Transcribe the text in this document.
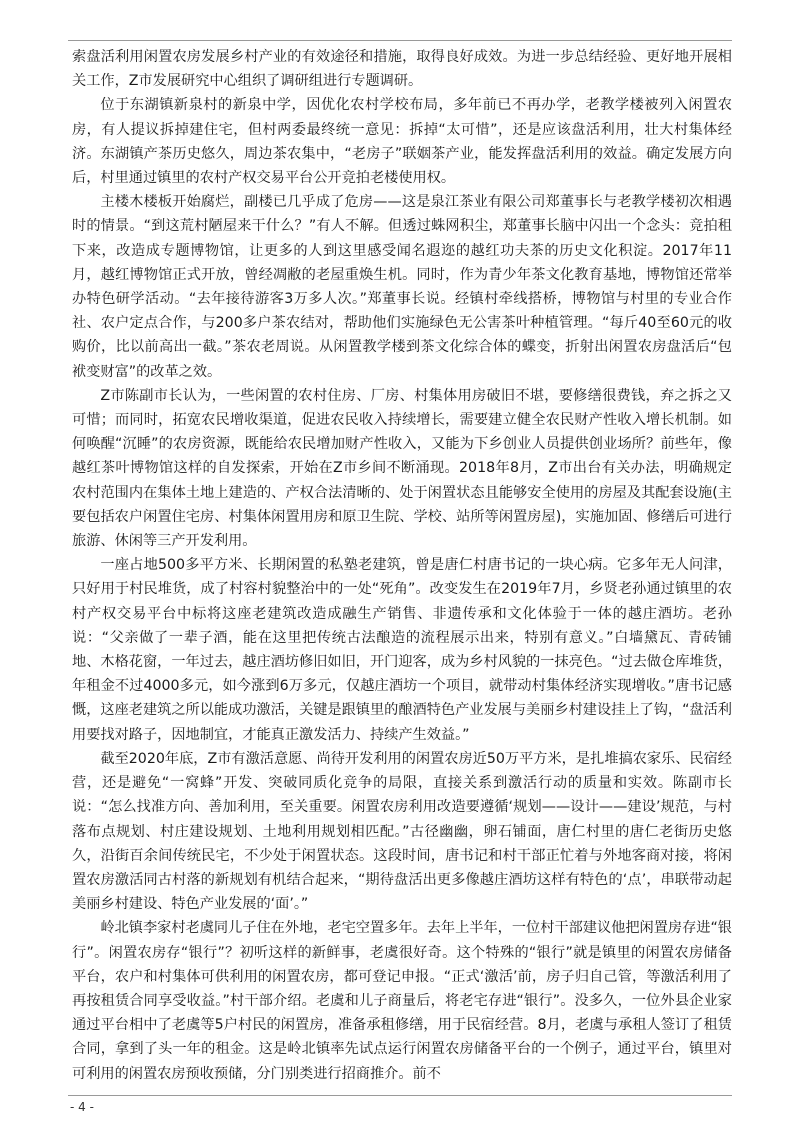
索盘活利用闲置农房发展乡村产业的有效途径和措施，取得良好成效。为进一步总结经验、更好地开展相关工作，Z市发展研究中心组织了调研组进行专题调研。

位于东湖镇新泉村的新泉中学，因优化农村学校布局，多年前已不再办学，老教学楼被列入闲置农房，有人提议拆掉建住宅，但村两委最终统一意见：拆掉“太可惜”，还是应该盘活利用，壮大村集体经济。东湖镇产茶历史悠久，周边茶农集中，“老房子”联姻茶产业，能发挥盘活利用的效益。确定发展方向后，村里通过镇里的农村产权交易平台公开竞拍老楼使用权。

主楼木楼板开始腐烂，副楼已几乎成了危房——这是泉江茶业有限公司郑董事长与老教学楼初次相遇时的情景。“到这荒村陋屋来干什么？”有人不解。但透过蛛网积尘，郑董事长脑中闪出一个念头：竞拍租下来，改造成专题博物馆，让更多的人到这里感受闻名遐迩的越红功夫茶的历史文化积淀。2017年11月，越红博物馆正式开放，曾经凋敝的老屋重焕生机。同时，作为青少年茶文化教育基地，博物馆还常举办特色研学活动。“去年接待游客3万多人次。”郑董事长说。经镇村牵线搭桥，博物馆与村里的专业合作社、农户定点合作，与200多户茶农结对，帮助他们实施绿色无公害茶叶种植管理。“每斤40至60元的收购价，比以前高出一截。”茶农老周说。从闲置教学楼到茶文化综合体的蝶变，折射出闲置农房盘活后“包袱变财富”的改革之效。

Z市陈副市长认为，一些闲置的农村住房、厂房、村集体用房破旧不堪，要修缮很费钱，弃之拆之又可惜；而同时，拓宽农民增收渠道，促进农民收入持续增长，需要建立健全农民财产性收入增长机制。如何唤醒“沉睡”的农房资源，既能给农民增加财产性收入，又能为下乡创业人员提供创业场所？前些年，像越红茶叶博物馆这样的自发探索，开始在Z市乡间不断涌现。2018年8月，Z市出台有关办法，明确规定农村范围内在集体土地上建造的、产权合法清晰的、处于闲置状态且能够安全使用的房屋及其配套设施(主要包括农户闲置住宅房、村集体闲置用房和原卫生院、学校、站所等闲置房屋)，实施加固、修缮后可进行旅游、休闲等三产开发利用。

一座占地500多平方米、长期闲置的私塾老建筑，曾是唐仁村唐书记的一块心病。它多年无人问津，只好用于村民堆货，成了村容村貌整治中的一处“死角”。改变发生在2019年7月，乡贤老孙通过镇里的农村产权交易平台中标将这座老建筑改造成融生产销售、非遗传承和文化体验于一体的越庄酒坊。老孙说：“父亲做了一辈子酒，能在这里把传统古法酿造的流程展示出来，特别有意义。”白墙黛瓦、青砖铺地、木格花窗，一年过去，越庄酒坊修旧如旧，开门迎客，成为乡村风貌的一抹亮色。“过去做仓库堆货，年租金不过4000多元，如今涨到6万多元，仅越庄酒坊一个项目，就带动村集体经济实现增收。”唐书记感慨，这座老建筑之所以能成功激活，关键是跟镇里的酿酒特色产业发展与美丽乡村建设挂上了钩，“盘活利用要找对路子，因地制宜，才能真正激发活力、持续产生效益。”

截至2020年底，Z市有激活意愿、尚待开发利用的闲置农房近50万平方米，是扎堆搞农家乐、民宿经营，还是避免“一窝蜂”开发、突破同质化竞争的局限，直接关系到激活行动的质量和实效。陈副市长说：“怎么找准方向、善加利用，至关重要。闲置农房利用改造要遵循‘规划——设计——建设’规范，与村落布点规划、村庄建设规划、土地利用规划相匹配。”古径幽幽，卵石铺面，唐仁村里的唐仁老街历史悠久，沿街百余间传统民宅，不少处于闲置状态。这段时间，唐书记和村干部正忙着与外地客商对接，将闲置农房激活同古村落的新规划有机结合起来，“期待盘活出更多像越庄酒坊这样有特色的‘点’，串联带动起美丽乡村建设、特色产业发展的‘面’。”

岭北镇李家村老虞同儿子住在外地，老宅空置多年。去年上半年，一位村干部建议他把闲置房存进“银行”。闲置农房存“银行”？初听这样的新鲜事，老虞很好奇。这个特殊的“银行”就是镇里的闲置农房储备平台，农户和村集体可供利用的闲置农房，都可登记申报。“正式‘激活’前，房子归自己管，等激活利用了再按租赁合同享受收益。”村干部介绍。老虞和儿子商量后，将老宅存进“银行”。没多久，一位外县企业家通过平台相中了老虞等5户村民的闲置房，准备承租修缮，用于民宿经营。8月，老虞与承租人签订了租赁合同，拿到了头一年的租金。这是岭北镇率先试点运行闲置农房储备平台的一个例子，通过平台，镇里对可利用的闲置农房预收预储，分门别类进行招商推介。前不

- 4 -
